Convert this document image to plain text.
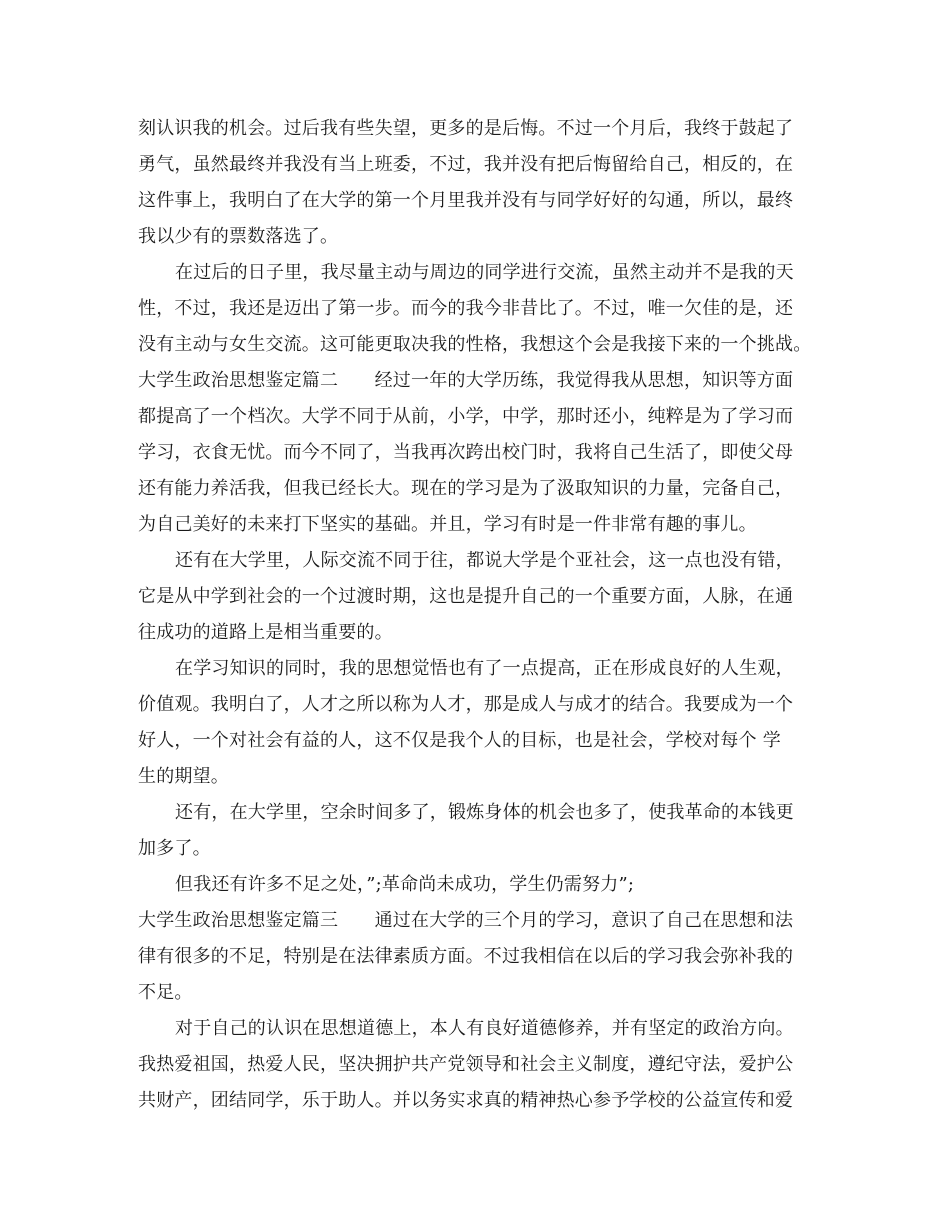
刻认识我的机会。过后我有些失望，更多的是后悔。不过一个月后，我终于鼓起了
勇气，虽然最终并我没有当上班委，不过，我并没有把后悔留给自己，相反的，在
这件事上，我明白了在大学的第一个月里我并没有与同学好好的勾通，所以，最终
我以少有的票数落选了。
在过后的日子里，我尽量主动与周边的同学进行交流，虽然主动并不是我的天
性，不过，我还是迈出了第一步。而今的我今非昔比了。不过，唯一欠佳的是，还
没有主动与女生交流。这可能更取决我的性格，我想这个会是我接下来的一个挑战。
大学生政治思想鉴定篇二　　经过一年的大学历练，我觉得我从思想，知识等方面
都提高了一个档次。大学不同于从前，小学，中学，那时还小，纯粹是为了学习而
学习，衣食无忧。而今不同了，当我再次跨出校门时，我将自己生活了，即使父母
还有能力养活我，但我已经长大。现在的学习是为了汲取知识的力量，完备自己，
为自己美好的未来打下坚实的基础。并且，学习有时是一件非常有趣的事儿。
还有在大学里，人际交流不同于往，都说大学是个亚社会，这一点也没有错，
它是从中学到社会的一个过渡时期，这也是提升自己的一个重要方面，人脉，在通
往成功的道路上是相当重要的。
在学习知识的同时，我的思想觉悟也有了一点提高，正在形成良好的人生观，
价值观。我明白了，人才之所以称为人才，那是成人与成才的结合。我要成为一个
好人，一个对社会有益的人，这不仅是我个人的目标，也是社会，学校对每个 学
生的期望。
还有，在大学里，空余时间多了，锻炼身体的机会也多了，使我革命的本钱更
加多了。
但我还有许多不足之处，”;革命尚未成功，学生仍需努力”;
大学生政治思想鉴定篇三　　通过在大学的三个月的学习，意识了自己在思想和法
律有很多的不足，特别是在法律素质方面。不过我相信在以后的学习我会弥补我的
不足。
对于自己的认识在思想道德上，本人有良好道德修养，并有坚定的政治方向。
我热爱祖国，热爱人民，坚决拥护共产党领导和社会主义制度，遵纪守法，爱护公
共财产，团结同学，乐于助人。并以务实求真的精神热心参予学校的公益宣传和爱
